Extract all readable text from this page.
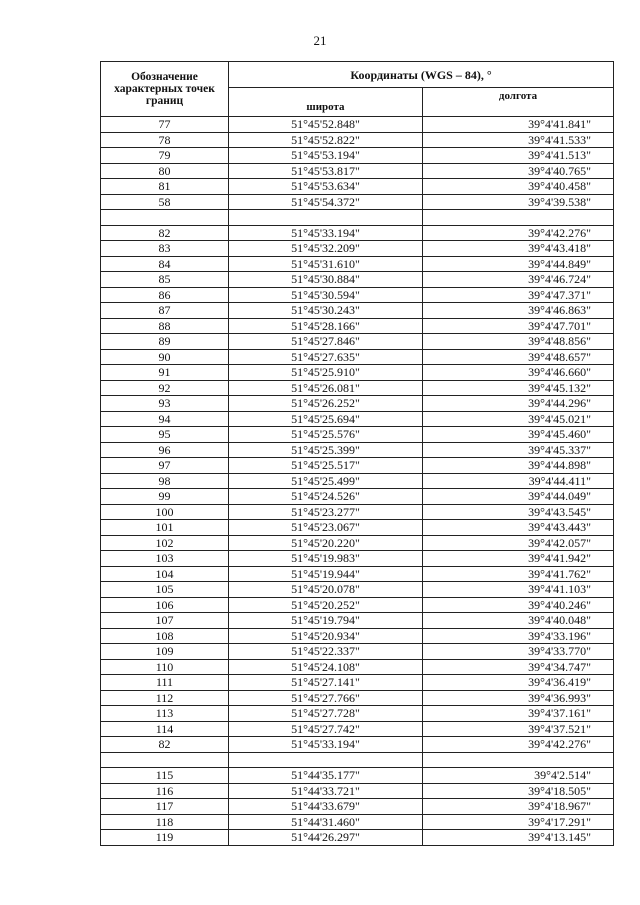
21
Обозначение характерных точек границ	Координаты (WGS – 84), °	
	широта	долгота
77	51°45'52.848"	39°4'41.841"
78	51°45'52.822"	39°4'41.533"
79	51°45'53.194"	39°4'41.513"
80	51°45'53.817"	39°4'40.765"
81	51°45'53.634"	39°4'40.458"
58	51°45'54.372"	39°4'39.538"

82	51°45'33.194"	39°4'42.276"
83	51°45'32.209"	39°4'43.418"
84	51°45'31.610"	39°4'44.849"
85	51°45'30.884"	39°4'46.724"
86	51°45'30.594"	39°4'47.371"
87	51°45'30.243"	39°4'46.863"
88	51°45'28.166"	39°4'47.701"
89	51°45'27.846"	39°4'48.856"
90	51°45'27.635"	39°4'48.657"
91	51°45'25.910"	39°4'46.660"
92	51°45'26.081"	39°4'45.132"
93	51°45'26.252"	39°4'44.296"
94	51°45'25.694"	39°4'45.021"
95	51°45'25.576"	39°4'45.460"
96	51°45'25.399"	39°4'45.337"
97	51°45'25.517"	39°4'44.898"
98	51°45'25.499"	39°4'44.411"
99	51°45'24.526"	39°4'44.049"
100	51°45'23.277"	39°4'43.545"
101	51°45'23.067"	39°4'43.443"
102	51°45'20.220"	39°4'42.057"
103	51°45'19.983"	39°4'41.942"
104	51°45'19.944"	39°4'41.762"
105	51°45'20.078"	39°4'41.103"
106	51°45'20.252"	39°4'40.246"
107	51°45'19.794"	39°4'40.048"
108	51°45'20.934"	39°4'33.196"
109	51°45'22.337"	39°4'33.770"
110	51°45'24.108"	39°4'34.747"
111	51°45'27.141"	39°4'36.419"
112	51°45'27.766"	39°4'36.993"
113	51°45'27.728"	39°4'37.161"
114	51°45'27.742"	39°4'37.521"
82	51°45'33.194"	39°4'42.276"

115	51°44'35.177"	39°4'2.514"
116	51°44'33.721"	39°4'18.505"
117	51°44'33.679"	39°4'18.967"
118	51°44'31.460"	39°4'17.291"
119	51°44'26.297"	39°4'13.145"
